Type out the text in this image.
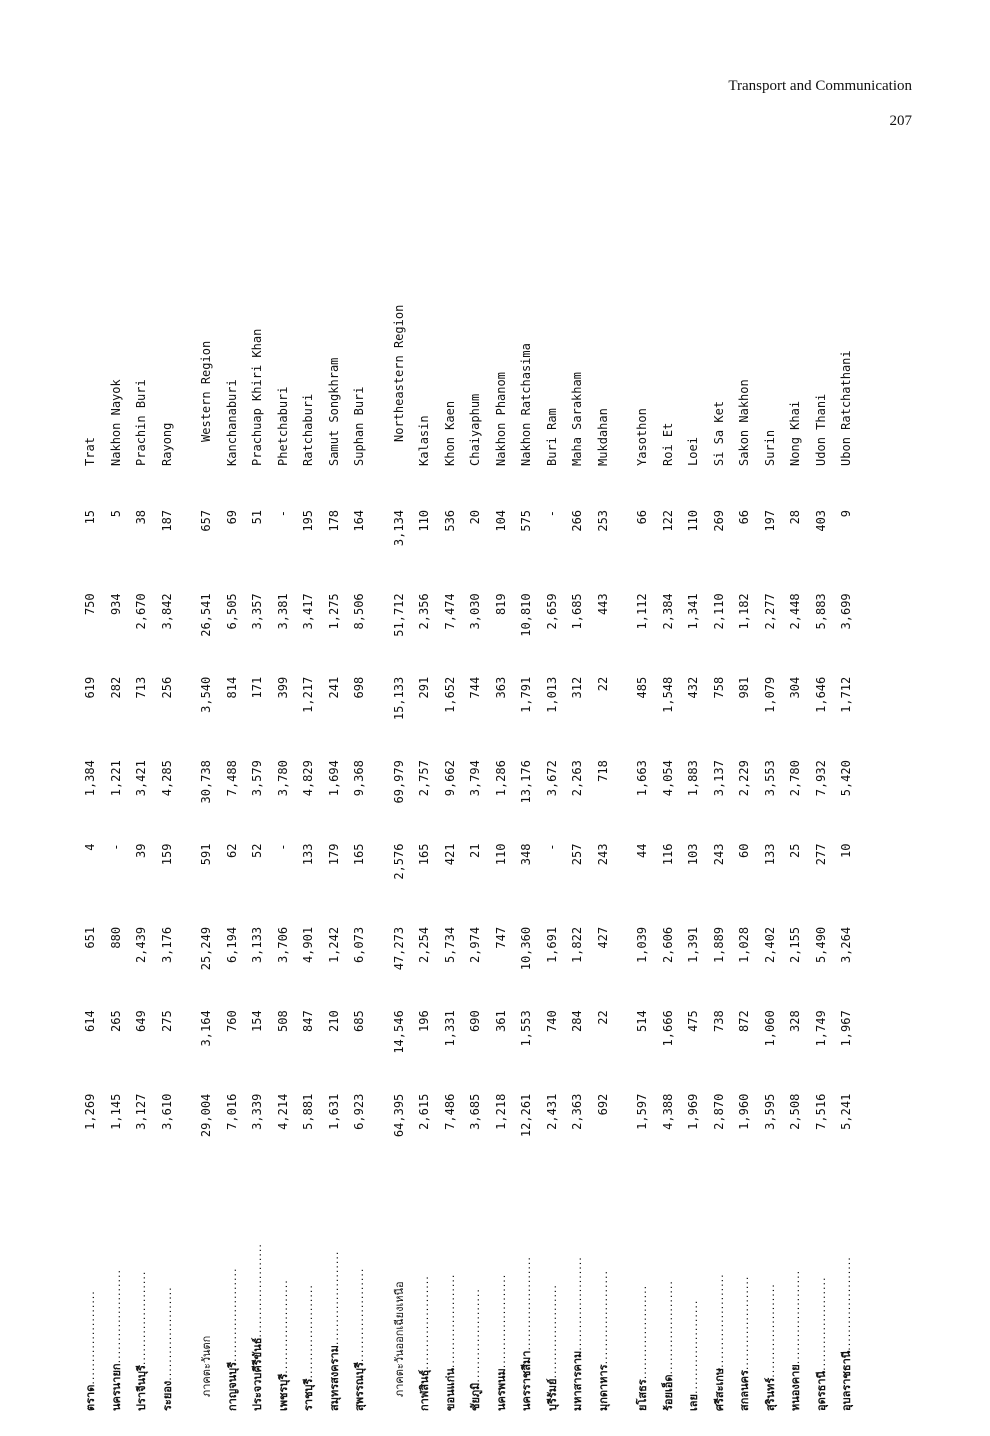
Transport and Communication
207
ตราด.....................	1,269	614	651	4	1,384	619	750	15	Trat
นครนายก.....................	1,145	265	880	-	1,221	282	934	5	Nakhon Nayok
ปราจีนบุรี.....................	3,127	649	2,439	39	3,421	713	2,670	38	Prachin Buri
ระยอง.....................	3,610	275	3,176	159	4,285	256	3,842	187	Rayong

ภาคตะวันตก	29,004	3,164	25,249	591	30,738	3,540	26,541	657	Western Region
กาญจนบุรี.....................	7,016	760	6,194	62	7,488	814	6,505	69	Kanchanaburi
ประจวบคีรีขันธ์.....................	3,339	154	3,133	52	3,579	171	3,357	51	Prachuap Khiri Khan
เพชรบุรี.....................	4,214	508	3,706	-	3,780	399	3,381	-	Phetchaburi
ราชบุรี.....................	5,881	847	4,901	133	4,829	1,217	3,417	195	Ratchaburi
สมุทรสงคราม.....................	1,631	210	1,242	179	1,694	241	1,275	178	Samut Songkhram
สุพรรณบุรี.....................	6,923	685	6,073	165	9,368	698	8,506	164	Suphan Buri

ภาคตะวันออกเฉียงเหนือ	64,395	14,546	47,273	2,576	69,979	15,133	51,712	3,134	Northeastern Region
กาฬสินธุ์.....................	2,615	196	2,254	165	2,757	291	2,356	110	Kalasin
ขอนแก่น.....................	7,486	1,331	5,734	421	9,662	1,652	7,474	536	Khon Kaen
ชัยภูมิ.....................	3,685	690	2,974	21	3,794	744	3,030	20	Chaiyaphum
นครพนม.....................	1,218	361	747	110	1,286	363	819	104	Nakhon Phanom
นครราชสีมา.....................	12,261	1,553	10,360	348	13,176	1,791	10,810	575	Nakhon Ratchasima
บุรีรัมย์.....................	2,431	740	1,691	-	3,672	1,013	2,659	-	Buri Ram
มหาสารคาม.....................	2,363	284	1,822	257	2,263	312	1,685	266	Maha Sarakham
มุกดาหาร.....................	692	22	427	243	718	22	443	253	Mukdahan

ยโสธร.....................	1,597	514	1,039	44	1,663	485	1,112	66	Yasothon
ร้อยเอ็ด.....................	4,388	1,666	2,606	116	4,054	1,548	2,384	122	Roi Et
เลย.....................	1,969	475	1,391	103	1,883	432	1,341	110	Loei
ศรีสะเกษ.....................	2,870	738	1,889	243	3,137	758	2,110	269	Si Sa Ket
สกลนคร.....................	1,960	872	1,028	60	2,229	981	1,182	66	Sakon Nakhon
สุรินทร์.....................	3,595	1,060	2,402	133	3,553	1,079	2,277	197	Surin
หนองคาย.....................	2,508	328	2,155	25	2,780	304	2,448	28	Nong Khai
อุดรธานี.....................	7,516	1,749	5,490	277	7,932	1,646	5,883	403	Udon Thani
อุบลราชธานี.....................	5,241	1,967	3,264	10	5,420	1,712	3,699	9	Ubon Ratchathani
